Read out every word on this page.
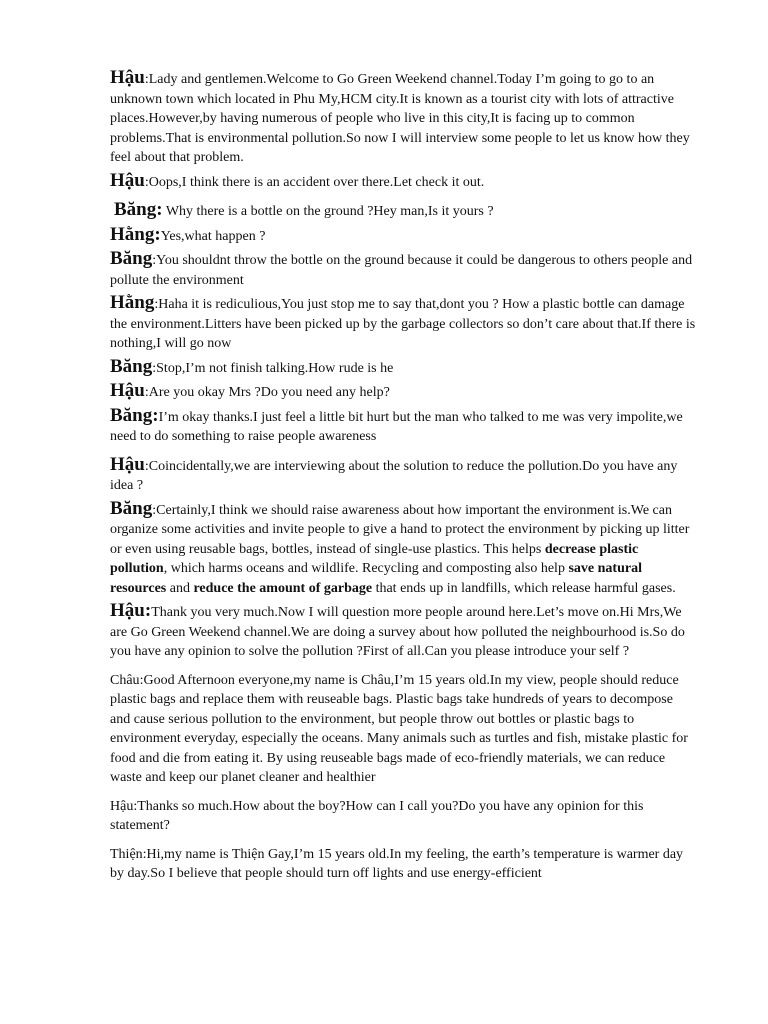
Hậu:Lady and gentlemen.Welcome to Go Green Weekend channel.Today I’m going to go to an unknown town which located in Phu My,HCM city.It is known as a tourist city with lots of attractive places.However,by having numerous of people who live in this city,It is facing up to common problems.That is environmental pollution.So now I will interview some people to let us know how they feel about that problem.

Hậu:Oops,I think there is an accident over there.Let check it out.

Băng: Why there is a bottle on the ground ?Hey man,Is it yours ?

Hằng:Yes,what happen ?

Băng:You shouldnt throw the bottle on the ground because it could be dangerous to others people and pollute the environment

Hằng:Haha it is rediculious,You just stop me to say that,dont you ? How a plastic bottle can damage the environment.Litters have been picked up by the garbage collectors so don’t care about that.If there is nothing,I will go now

Băng:Stop,I’m not finish talking.How rude is he

Hậu:Are you okay Mrs ?Do you need any help?

Băng:I’m okay thanks.I just feel a little bit hurt but the man who talked to me was very impolite,we need to do something to raise people awareness

Hậu:Coincidentally,we are interviewing about the solution to reduce the pollution.Do you have any idea ?

Băng:Certainly,I think we should raise awareness about how important the environment is.We can organize some activities and invite people to give a hand to protect the environment by picking up litter or even using reusable bags, bottles, instead of single-use plastics. This helps decrease plastic pollution, which harms oceans and wildlife. Recycling and composting also help save natural resources and reduce the amount of garbage that ends up in landfills, which release harmful gases.

Hậu:Thank you very much.Now I will question more people around here.Let’s move on.Hi Mrs,We are Go Green Weekend channel.We are doing a survey about how polluted the neighbourhood is.So do you have any opinion to solve the pollution ?First of all.Can you please introduce your self ?

Châu:Good Afternoon everyone,my name is Châu,I’m 15 years old.In my view, people should reduce plastic bags and replace them with reuseable bags. Plastic bags take hundreds of years to decompose and cause serious pollution to the environment, but people throw out bottles or plastic bags to environment everyday, especially the oceans. Many animals such as turtles and fish, mistake plastic for food and die from eating it. By using reuseable bags made of eco-friendly materials, we can reduce waste and keep our planet cleaner and healthier

Hậu:Thanks so much.How about the boy?How can I call you?Do you have any opinion for this statement?

Thiện:Hi,my name is Thiện Gay,I’m 15 years old.In my feeling, the earth’s temperature is warmer day by day.So I believe that people should turn off lights and use energy-efficient
